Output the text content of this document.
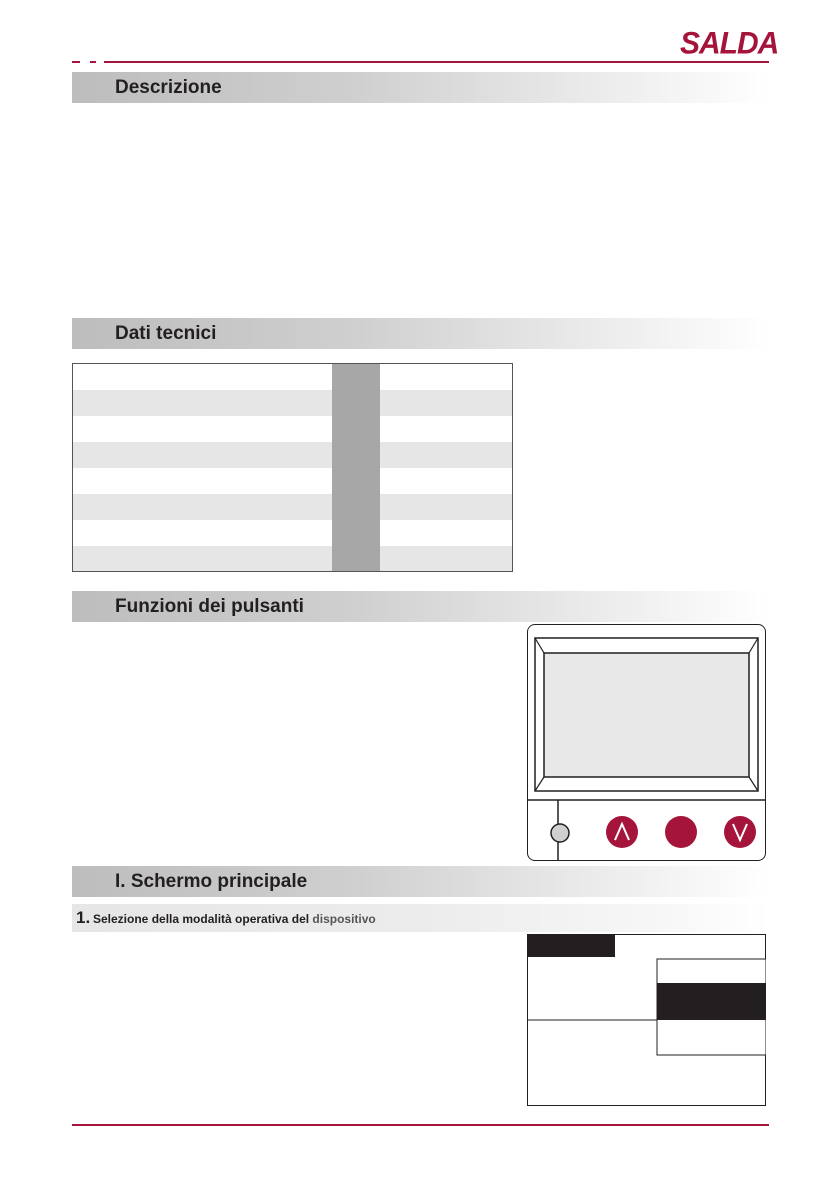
SALDA
Descrizione
Dati tecnici
Funzioni dei pulsanti
I. Schermo principale
1. Selezione della modalità operativa del dispositivo
